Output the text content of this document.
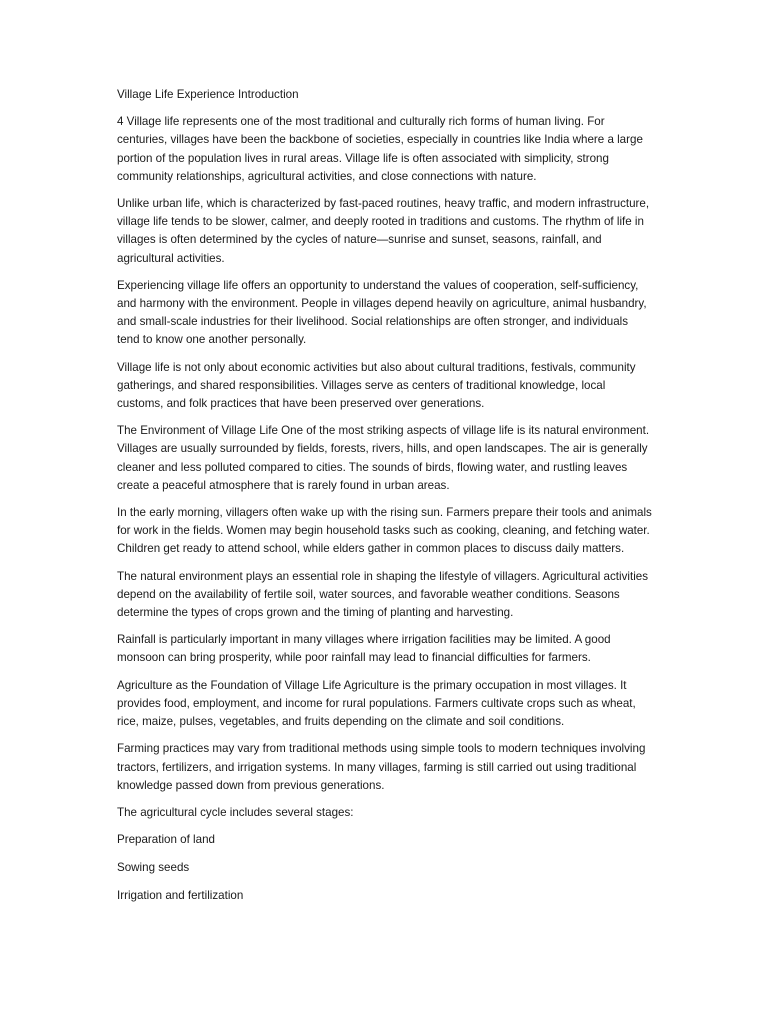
Village Life Experience Introduction

4 Village life represents one of the most traditional and culturally rich forms of human living. For centuries, villages have been the backbone of societies, especially in countries like India where a large portion of the population lives in rural areas. Village life is often associated with simplicity, strong community relationships, agricultural activities, and close connections with nature.

Unlike urban life, which is characterized by fast-paced routines, heavy traffic, and modern infrastructure, village life tends to be slower, calmer, and deeply rooted in traditions and customs. The rhythm of life in villages is often determined by the cycles of nature—sunrise and sunset, seasons, rainfall, and agricultural activities.

Experiencing village life offers an opportunity to understand the values of cooperation, self-sufficiency, and harmony with the environment. People in villages depend heavily on agriculture, animal husbandry, and small-scale industries for their livelihood. Social relationships are often stronger, and individuals tend to know one another personally.

Village life is not only about economic activities but also about cultural traditions, festivals, community gatherings, and shared responsibilities. Villages serve as centers of traditional knowledge, local customs, and folk practices that have been preserved over generations.

The Environment of Village Life One of the most striking aspects of village life is its natural environment. Villages are usually surrounded by fields, forests, rivers, hills, and open landscapes. The air is generally cleaner and less polluted compared to cities. The sounds of birds, flowing water, and rustling leaves create a peaceful atmosphere that is rarely found in urban areas.

In the early morning, villagers often wake up with the rising sun. Farmers prepare their tools and animals for work in the fields. Women may begin household tasks such as cooking, cleaning, and fetching water. Children get ready to attend school, while elders gather in common places to discuss daily matters.

The natural environment plays an essential role in shaping the lifestyle of villagers. Agricultural activities depend on the availability of fertile soil, water sources, and favorable weather conditions. Seasons determine the types of crops grown and the timing of planting and harvesting.

Rainfall is particularly important in many villages where irrigation facilities may be limited. A good monsoon can bring prosperity, while poor rainfall may lead to financial difficulties for farmers.

Agriculture as the Foundation of Village Life Agriculture is the primary occupation in most villages. It provides food, employment, and income for rural populations. Farmers cultivate crops such as wheat, rice, maize, pulses, vegetables, and fruits depending on the climate and soil conditions.

Farming practices may vary from traditional methods using simple tools to modern techniques involving tractors, fertilizers, and irrigation systems. In many villages, farming is still carried out using traditional knowledge passed down from previous generations.

The agricultural cycle includes several stages:

Preparation of land

Sowing seeds

Irrigation and fertilization
